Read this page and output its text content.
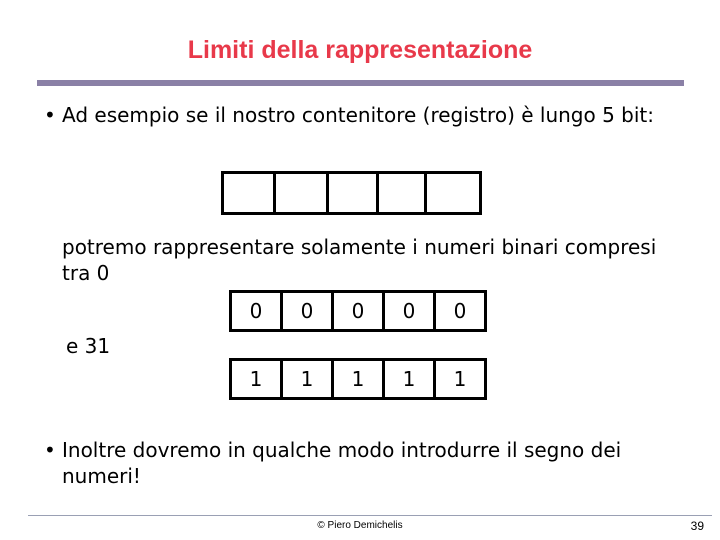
Limiti della rappresentazione
• Ad esempio se il nostro contenitore (registro) è lungo 5 bit:
potremo rappresentare solamente i numeri binari compresi tra 0
0	0	0	0	0
e 31
1	1	1	1	1
• Inoltre dovremo in qualche modo introdurre il segno dei numeri!
© Piero Demichelis	39
